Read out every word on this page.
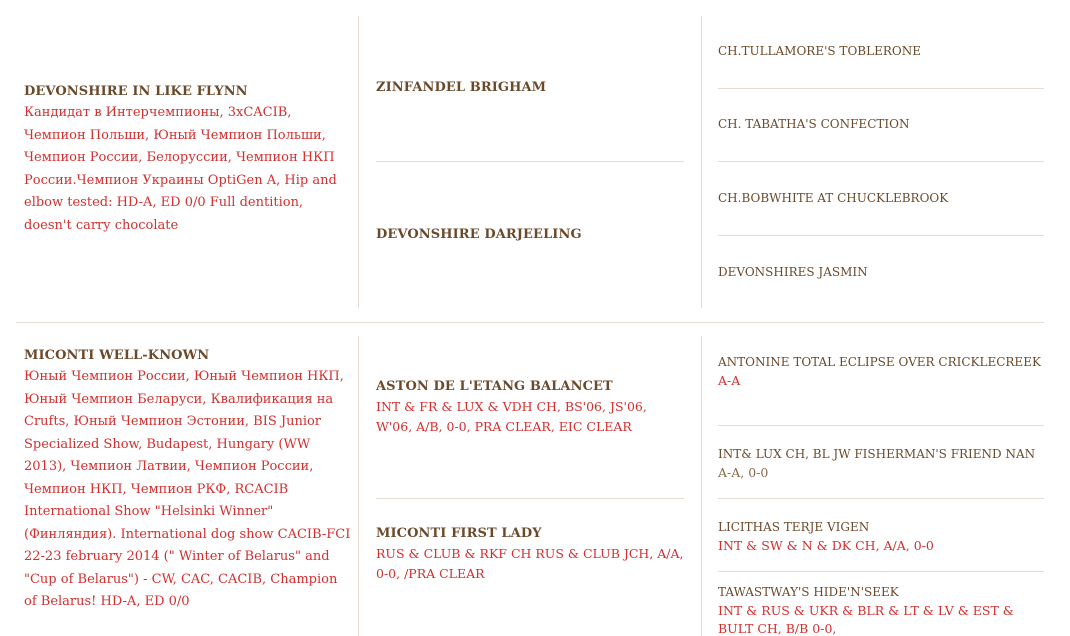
DEVONSHIRE IN LIKE FLYNN
Кандидат в Интерчемпионы, 3xCACIB, Чемпион Польши, Юный Чемпион Польши, Чемпион России, Белоруссии, Чемпион НКП России.Чемпион Украины OptiGen A, Hip and elbow tested: HD-A, ED 0/0 Full dentition, doesn't carry chocolate
ZINFANDEL BRIGHAM
DEVONSHIRE DARJEELING
CH.TULLAMORE'S TOBLERONE
CH. TABATHA'S CONFECTION
CH.BOBWHITE AT CHUCKLEBROOK
DEVONSHIRES JASMIN
MICONTI WELL-KNOWN
Юный Чемпион России, Юный Чемпион НКП, Юный Чемпион Беларуси, Квалификация на Crufts, Юный Чемпион Эстонии, BIS Junior Specialized Show, Budapest, Hungary (WW 2013), Чемпион Латвии, Чемпион России, Чемпион НКП, Чемпион РКФ, RCACIB International Show "Helsinki Winner" (Финляндия). International dog show CACIB-FCI 22-23 february 2014 (" Winter of Belarus" and "Cup of Belarus") - CW, CAC, CACIB, Champion of Belarus! HD-A, ED 0/0
ASTON DE L'ETANG BALANCET
INT & FR & LUX & VDH CH, BS'06, JS'06, W'06, A/B, 0-0, PRA CLEAR, EIC CLEAR
MICONTI FIRST LADY
RUS & CLUB & RKF CH RUS & CLUB JCH, A/A, 0-0, /PRA CLEAR
ANTONINE TOTAL ECLIPSE OVER CRICKLECREEK
A-A
INT& LUX CH, BL JW FISHERMAN'S FRIEND NAN
A-A, 0-0
LICITHAS TERJE VIGEN
INT & SW & N & DK CH, A/A, 0-0
TAWASTWAY'S HIDE'N'SEEK
INT & RUS & UKR & BLR & LT & LV & EST & BULT CH, B/B 0-0,
